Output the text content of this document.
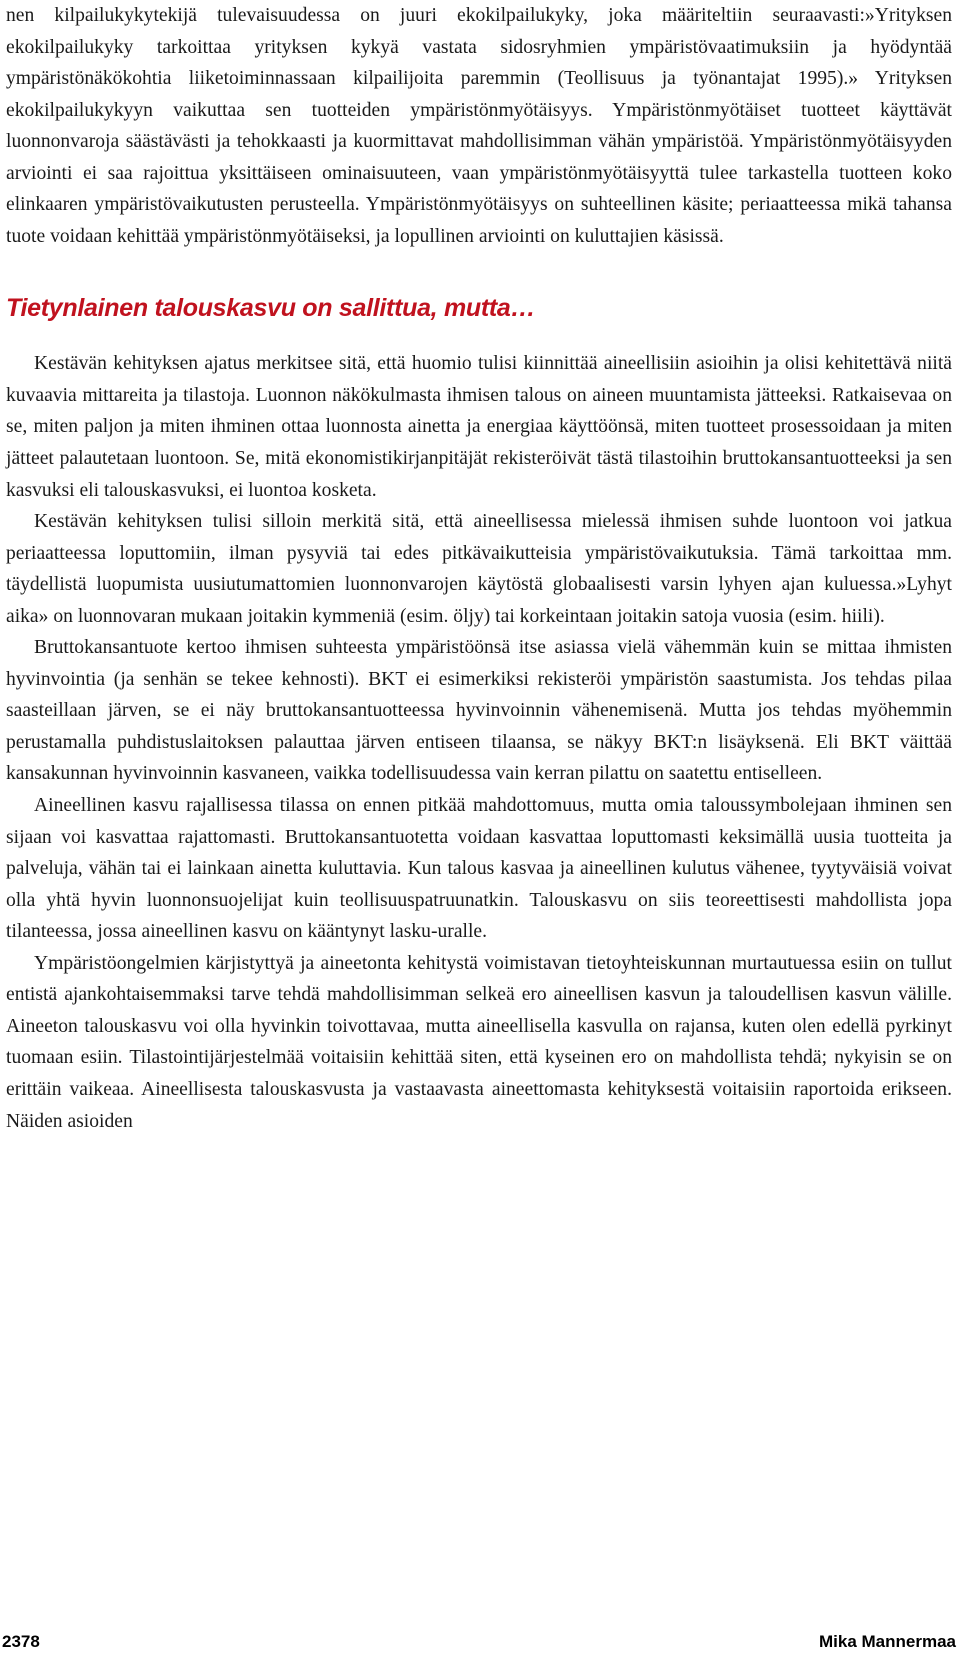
nen kilpailukykytekijä tulevaisuudessa on juuri ekokilpailukyky, joka määriteltiin seuraavasti:»Yrityksen ekokilpailukyky tarkoittaa yrityksen kykyä vastata sidosryhmien ympäristövaatimuksiin ja hyödyntää ympäristönäkökohtia liiketoiminnassaan kilpailijoita paremmin (Teollisuus ja työnantajat 1995).» Yrityksen ekokilpailukykyyn vaikuttaa sen tuotteiden ympäristönmyötäisyys. Ympäristönmyötäiset tuotteet käyttävät luonnonvaroja säästävästi ja tehokkaasti ja kuormittavat mahdollisimman vähän ympäristöä. Ympäristönmyötäisyyden arviointi ei saa rajoittua yksittäiseen ominaisuuteen, vaan ympäristönmyötäisyyttä tulee tarkastella tuotteen koko elinkaaren ympäristövaikutusten perusteella. Ympäristönmyötäisyys on suhteellinen käsite; periaatteessa mikä tahansa tuote voidaan kehittää ympäristönmyötäiseksi, ja lopullinen arviointi on kuluttajien käsissä.

Tietynlainen talouskasvu on sallittua, mutta…

Kestävän kehityksen ajatus merkitsee sitä, että huomio tulisi kiinnittää aineellisiin asioihin ja olisi kehitettävä niitä kuvaavia mittareita ja tilastoja. Luonnon näkökulmasta ihmisen talous on aineen muuntamista jätteeksi. Ratkaisevaa on se, miten paljon ja miten ihminen ottaa luonnosta ainetta ja energiaa käyttöönsä, miten tuotteet prosessoidaan ja miten jätteet palautetaan luontoon. Se, mitä ekonomistikirjanpitäjät rekisteröivät tästä tilastoihin bruttokansantuotteeksi ja sen kasvuksi eli talouskasvuksi, ei luontoa kosketa.

Kestävän kehityksen tulisi silloin merkitä sitä, että aineellisessa mielessä ihmisen suhde luontoon voi jatkua periaatteessa loputtomiin, ilman pysyviä tai edes pitkävaikutteisia ympäristövaikutuksia. Tämä tarkoittaa mm. täydellistä luopumista uusiutumattomien luonnonvarojen käytöstä globaalisesti varsin lyhyen ajan kuluessa.»Lyhyt aika» on luonnovaran mukaan joitakin kymmeniä (esim. öljy) tai korkeintaan joitakin satoja vuosia (esim. hiili).

Bruttokansantuote kertoo ihmisen suhteesta ympäristöönsä itse asiassa vielä vähemmän kuin se mittaa ihmisten hyvinvointia (ja senhän se tekee kehnosti). BKT ei esimerkiksi rekisteröi ympäristön saastumista. Jos tehdas pilaa saasteillaan järven, se ei näy bruttokansantuotteessa hyvinvoinnin vähenemisenä. Mutta jos tehdas myöhemmin perustamalla puhdistuslaitoksen palauttaa järven entiseen tilaansa, se näkyy BKT:n lisäyksenä. Eli BKT väittää kansakunnan hyvinvoinnin kasvaneen, vaikka todellisuudessa vain kerran pilattu on saatettu entiselleen.

Aineellinen kasvu rajallisessa tilassa on ennen pitkää mahdottomuus, mutta omia taloussymbolejaan ihminen sen sijaan voi kasvattaa rajattomasti. Bruttokansantuotetta voidaan kasvattaa loputtomasti keksimällä uusia tuotteita ja palveluja, vähän tai ei lainkaan ainetta kuluttavia. Kun talous kasvaa ja aineellinen kulutus vähenee, tyytyväisiä voivat olla yhtä hyvin luonnonsuojelijat kuin teollisuuspatruunatkin. Talouskasvu on siis teoreettisesti mahdollista jopa tilanteessa, jossa aineellinen kasvu on kääntynyt lasku-uralle.

Ympäristöongelmien kärjistyttyä ja aineetonta kehitystä voimistavan tietoyhteiskunnan murtautuessa esiin on tullut entistä ajankohtaisemmaksi tarve tehdä mahdollisimman selkeä ero aineellisen kasvun ja taloudellisen kasvun välille. Aineeton talouskasvu voi olla hyvinkin toivottavaa, mutta aineellisella kasvulla on rajansa, kuten olen edellä pyrkinyt tuomaan esiin. Tilastointijärjestelmää voitaisiin kehittää siten, että kyseinen ero on mahdollista tehdä; nykyisin se on erittäin vaikeaa. Aineellisesta talouskasvusta ja vastaavasta aineettomasta kehityksestä voitaisiin raportoida erikseen. Näiden asioiden

2378	Mika Mannermaa
